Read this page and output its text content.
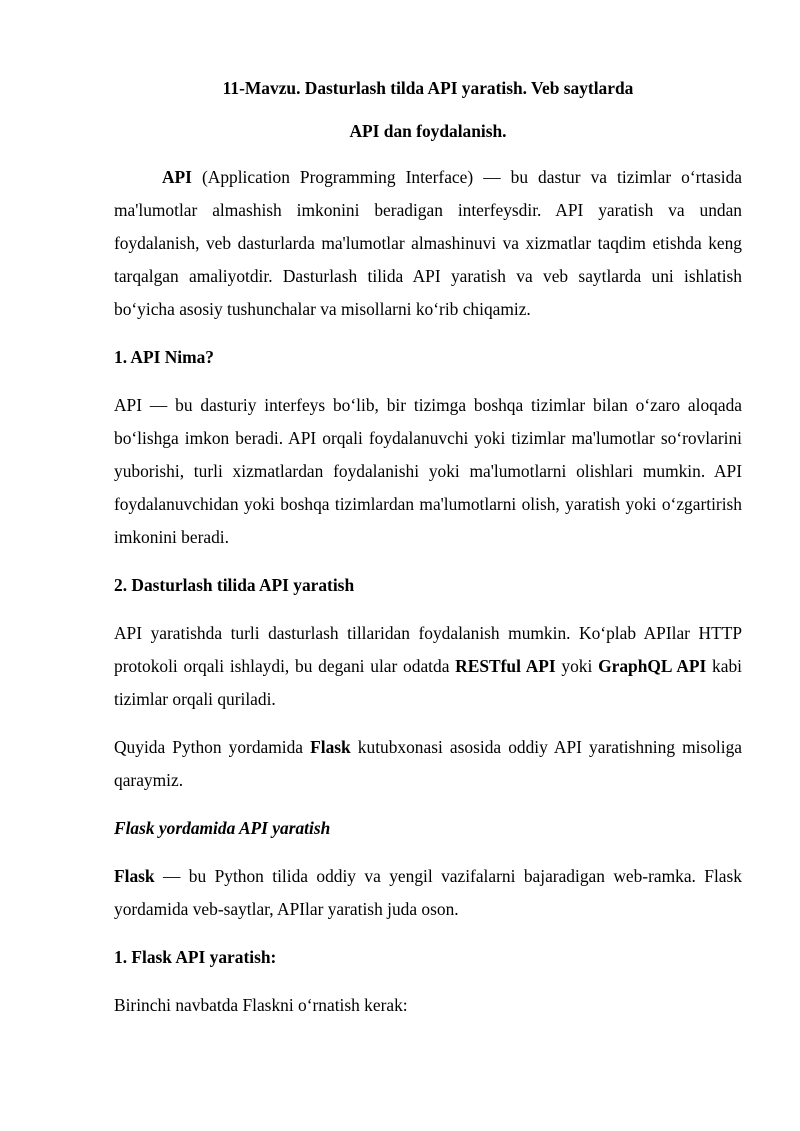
11-Mavzu. Dasturlash tilda API yaratish. Veb saytlarda

API dan foydalanish.

API (Application Programming Interface) — bu dastur va tizimlar o‘rtasida ma'lumotlar almashish imkonini beradigan interfeysdir. API yaratish va undan foydalanish, veb dasturlarda ma'lumotlar almashinuvi va xizmatlar taqdim etishda keng tarqalgan amaliyotdir. Dasturlash tilida API yaratish va veb saytlarda uni ishlatish bo‘yicha asosiy tushunchalar va misollarni ko‘rib chiqamiz.

1. API Nima?

API — bu dasturiy interfeys bo‘lib, bir tizimga boshqa tizimlar bilan o‘zaro aloqada bo‘lishga imkon beradi. API orqali foydalanuvchi yoki tizimlar ma'lumotlar so‘rovlarini yuborishi, turli xizmatlardan foydalanishi yoki ma'lumotlarni olishlari mumkin. API foydalanuvchidan yoki boshqa tizimlardan ma'lumotlarni olish, yaratish yoki o‘zgartirish imkonini beradi.

2. Dasturlash tilida API yaratish

API yaratishda turli dasturlash tillaridan foydalanish mumkin. Ko‘plab APIlar HTTP protokoli orqali ishlaydi, bu degani ular odatda RESTful API yoki GraphQL API kabi tizimlar orqali quriladi.

Quyida Python yordamida Flask kutubxonasi asosida oddiy API yaratishning misoliga qaraymiz.

Flask yordamida API yaratish

Flask — bu Python tilida oddiy va yengil vazifalarni bajaradigan web-ramka. Flask yordamida veb-saytlar, APIlar yaratish juda oson.

1. Flask API yaratish:

Birinchi navbatda Flaskni o‘rnatish kerak:
